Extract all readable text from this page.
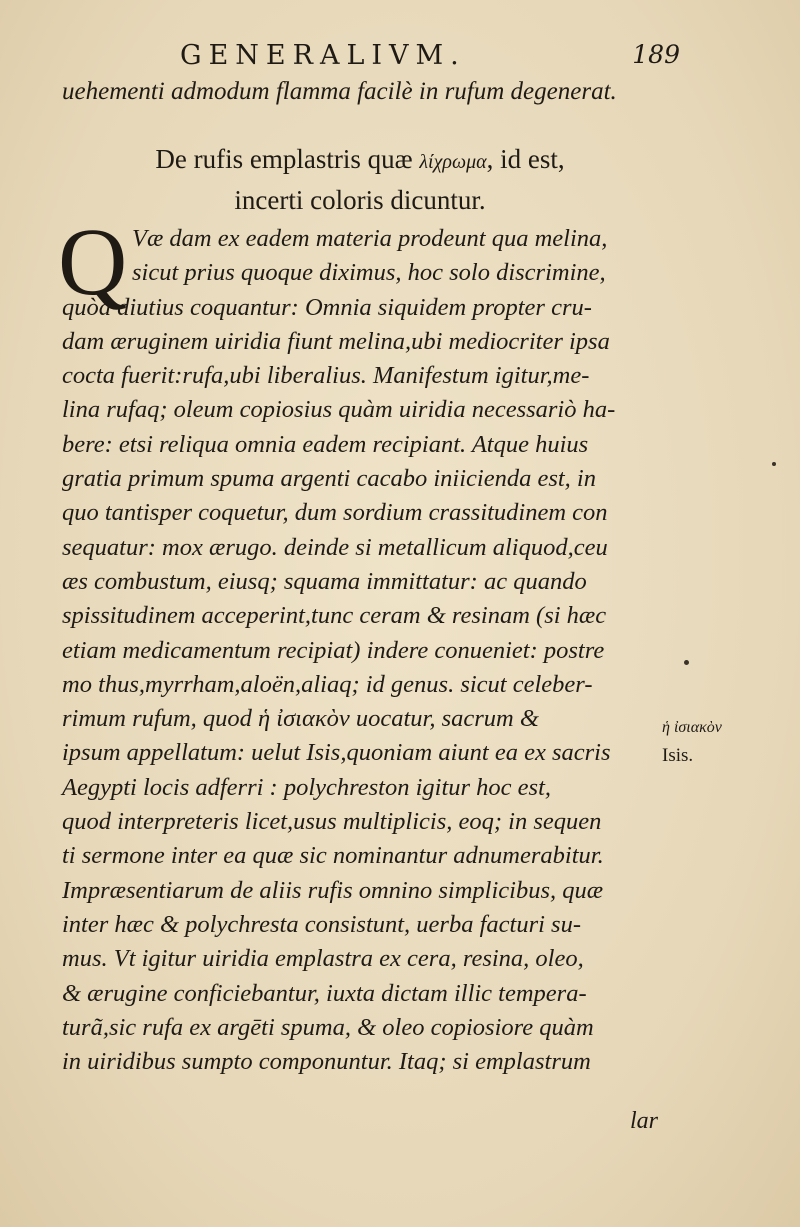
GENERALIVM.	189
uehementi admodum flamma facilè in rufum degenerat.
De rufis emplastris quæ λίχρωμα, id est,
incerti coloris dicuntur.
Q Væ dam ex eadem materia prodeunt qua melina,
sicut prius quoque diximus, hoc solo discrimine,
quòd diutius coquantur: Omnia siquidem propter cru-
dam æruginem uiridia fiunt melina,ubi mediocriter ipsa
cocta fuerit:rufa,ubi liberalius. Manifestum igitur,me-
lina rufaq; oleum copiosius quàm uiridia necessariò ha-
bere: etsi reliqua omnia eadem recipiant. Atque huius
gratia primum spuma argenti cacabo iniicienda est, in
quo tantisper coquetur, dum sordium crassitudinem con
sequatur: mox ærugo. deinde si metallicum aliquod,ceu
æs combustum, eiusq; squama immittatur: ac quando
spissitudinem acceperint,tunc ceram & resinam (si hæc
etiam medicamentum recipiat) indere conueniet: postre
mo thus,myrrham,aloën,aliaq; id genus. sicut celeber-
rimum rufum, quod ἡ ἰσιακὸν uocatur, sacrum &
ipsum appellatum: uelut Isis,quoniam aiunt ea ex sacris
Aegypti locis adferri : polychreston igitur hoc est,
quod interpreteris licet,usus multiplicis, eoq; in sequen
ti sermone inter ea quæ sic nominantur adnumerabitur.
Impræsentiarum de aliis rufis omnino simplicibus, quæ
inter hæc & polychresta consistunt, uerba facturi su-
mus. Vt igitur uiridia emplastra ex cera, resina, oleo,
& ærugine conficiebantur, iuxta dictam illic tempera-
turã,sic rufa ex argēti spuma, & oleo copiosiore quàm
in uiridibus sumpto componuntur. Itaq; si emplastrum
lar
ἡ ἰσιακὸν
Isis.
